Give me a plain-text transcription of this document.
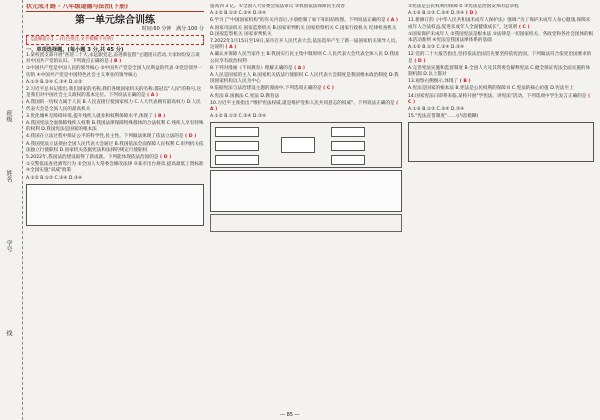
班级
姓名
学号
线
状元成才路 · 八年级道德与法治(下册)
第一单元综合训练
时间:60 分钟 满分:100 分
【温馨提示】…(红色批注,文字模糊不可辨)
一、单项选择题。(每小题 3 分,共 45 分)
1.某校团支部开展"喜迎二十大,永远跟党走,奋进新征程"主题团日活动,大家纷纷发言谈对中国共产党的认识。下列观点正确的是 ( B )
①中国共产党是中国人民的领导核心 ②中国共产党是全国人民利益的代表 ③党是领导一切的 ④中国共产党是中国特色社会主义事业的领导核心
A.①③ B.②④ C.③④ D.①②
2.习近平总书记指出,我们国家的名称,我们各级国家机关的名称,都冠以"人民"的称号,这是我们对中国社会主义政权的基本定位。下列说法正确的是 ( A )
A.我国的一切权力属于人民 B.人民直接行使国家权力 C.人大代表拥有最高权力 D.人民代表大会是全国人民的最高机关
3.优化城乡无障碍环境,提升残疾人就业和权利保障水平,体现了 ( B )
A.我国宪法全面保障残疾人权利 B.我国法律保障特殊群体的合法权利 C.残疾人享有特殊的权利 D.我国宪法是国家的根本法
4.我国在立法过程中保证公平的科学性,民主性。下列做法体现了依法立法的是 ( D )
A.我国宪法立法须由全国人民代表大会通过 B.我国依法全面保障人民权利 C.审判机关依法独立行使职权 D.国家机关依据宪法和法律的规定行使职权
5.2022年,我国法治建设取得了新成就。下列能体现依法治国的是 ( D )
①交警依法查处酒驾行为 ②全国人大常委会修改法律 ③某市出台规章,提高最低工资标准 ④全国实施"双减"政策
A.①② B.①③ C.②④ D.③④
提高到 3 亿。①全国人大常委会依法审议 ②我国依法保障民生改善
A.①② B.①③ C.②④ D.③④
6.学习了"中国国家机构"的有关内容后,小晨绘制了如下知识结构图。下列说法正确的是 ( A )
A.国家司法机关 国家监察机关 B.国家审判机关 国家检察机关 C.国家行政机关 纪律检查机关 D.国家监察机关 国家审判机关
7.2022年1月15日至19日,某市召开人民代表大会,依法选举产生了新一届国家机关领导人员。这说明 ( A )
A.确认并保障人民当家作主 B.我国实行民主集中制原则 C.人民代表大会代表全体人民 D.我国公民享有政治权利
8.下列对漫画《不同教育》理解正确的是 ( A )
A.人民是国家的主人 B.国家机关依法行使职权 C.人民代表大会制度是我国根本政治制度 D.我国国家机构以人民为中心
9.依据宪法与法治建设主题的漫画中,下列选项正确的是 ( C )
A.宪法 B.国旗法 C.宪法 D.教育法
10.习近平主席指出:"维护宪法权威,就是维护党和人民共同意志的权威"。下列说法正确的是 ( A )
A.①② B.①③ C.②④ D.③④
①宪法是公民权利的保障书 ②宪法是治国安邦的总章程
A.①② B.①③ C.②④ D.③④ ( D )
11.新修订的《中华人民共和国未成年人保护法》强调:"为了保护未成年人身心健康,保障未成年人合法权益,促进未成年人全面健康成长"。这说明 ( C )
①国家保护未成年人 ②我国宪法是根本法 ③法律是一切国家机关、各政党和各社会团体的根本活动准则 ④宪法是我国法律体系的基础
A.①② B.①③ C.②④ D.③④
12.党的二十大报告指出,坚持依法治国首先要坚持依宪治国。下列做法符合依宪治国要求的是 ( D )
A.完善宪法实施和监督制度 B.全国人大及其常委会解释宪法 C.健全保证宪法全面实施的体制机制 D.以上都对
13.观察右侧图示,体现了 ( B )
A.宪法是国家的根本法 B.宪法是公民权利的保障书 C.宪法的核心价值 D.宪法至上
14.国家宪法日即将来临,某校开展"学宪法、讲宪法"活动。下列选项中学生发言正确的是 ( C )
A.①② B.①③ C.②④ D.③④
15."宪法宣誓制度"……(内容模糊)
— 85 —
